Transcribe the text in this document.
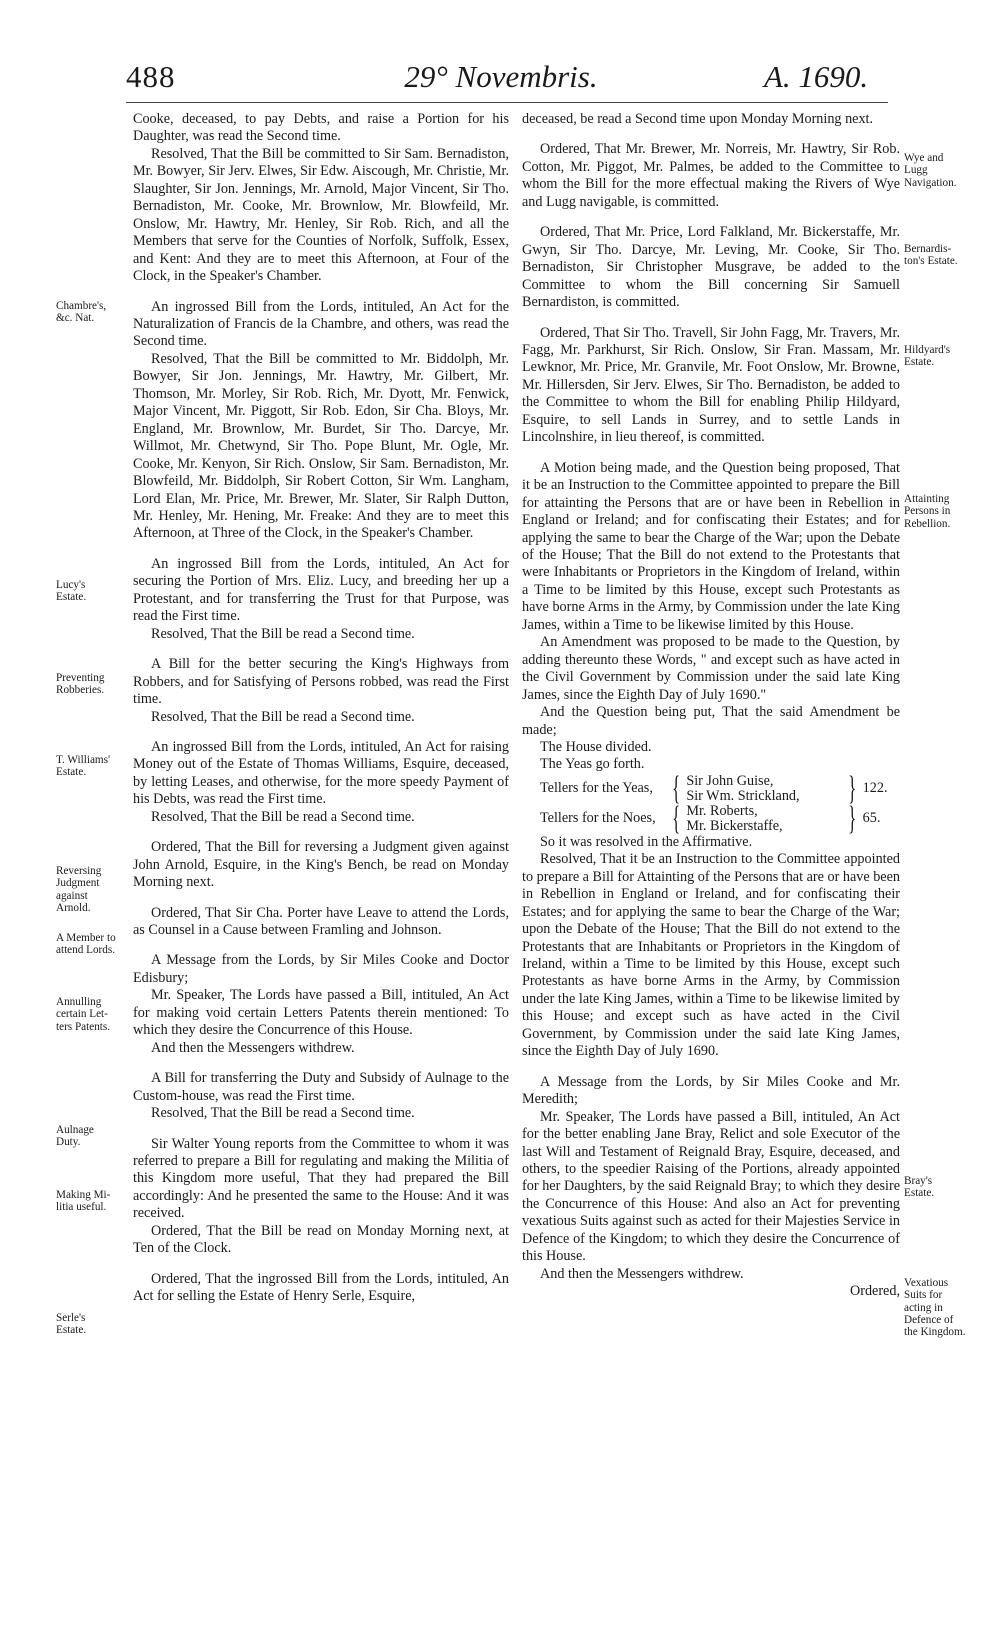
488	29° Novembris.	A. 1690.

Cooke, deceased, to pay Debts, and raise a Portion for his Daughter, was read the Second time.

Resolved, That the Bill be committed to Sir Sam. Bernadiston, Mr. Bowyer, Sir Jerv. Elwes, Sir Edw. Aiscough, Mr. Christie, Mr. Slaughter, Sir Jon. Jennings, Mr. Arnold, Major Vincent, Sir Tho. Bernadiston, Mr. Cooke, Mr. Brownlow, Mr. Blowfeild, Mr. Onslow, Mr. Hawtry, Mr. Henley, Sir Rob. Rich, and all the Members that serve for the Counties of Norfolk, Suffolk, Essex, and Kent: And they are to meet this Afternoon, at Four of the Clock, in the Speaker's Chamber.

An ingrossed Bill from the Lords, intituled, An Act for the Naturalization of Francis de la Chambre, and others, was read the Second time.

Resolved, That the Bill be committed to Mr. Biddolph, Mr. Bowyer, Sir Jon. Jennings, Mr. Hawtry, Mr. Gilbert, Mr. Thomson, Mr. Morley, Sir Rob. Rich, Mr. Dyott, Mr. Fenwick, Major Vincent, Mr. Piggott, Sir Rob. Edon, Sir Cha. Bloys, Mr. England, Mr. Brownlow, Mr. Burdet, Sir Tho. Darcye, Mr. Willmot, Mr. Chetwynd, Sir Tho. Pope Blunt, Mr. Ogle, Mr. Cooke, Mr. Kenyon, Sir Rich. Onslow, Sir Sam. Bernadiston, Mr. Blowfeild, Mr. Biddolph, Sir Robert Cotton, Sir Wm. Langham, Lord Elan, Mr. Price, Mr. Brewer, Mr. Slater, Sir Ralph Dutton, Mr. Henley, Mr. Hening, Mr. Freake: And they are to meet this Afternoon, at Three of the Clock, in the Speaker's Chamber.

An ingrossed Bill from the Lords, intituled, An Act for securing the Portion of Mrs. Eliz. Lucy, and breeding her up a Protestant, and for transferring the Trust for that Purpose, was read the First time.

Resolved, That the Bill be read a Second time.

A Bill for the better securing the King's Highways from Robbers, and for Satisfying of Persons robbed, was read the First time.

Resolved, That the Bill be read a Second time.

An ingrossed Bill from the Lords, intituled, An Act for raising Money out of the Estate of Thomas Williams, Esquire, deceased, by letting Leases, and otherwise, for the more speedy Payment of his Debts, was read the First time.

Resolved, That the Bill be read a Second time.

Ordered, That the Bill for reversing a Judgment given against John Arnold, Esquire, in the King's Bench, be read on Monday Morning next.

Ordered, That Sir Cha. Porter have Leave to attend the Lords, as Counsel in a Cause between Framling and Johnson.

A Message from the Lords, by Sir Miles Cooke and Doctor Edisbury;

Mr. Speaker, The Lords have passed a Bill, intituled, An Act for making void certain Letters Patents therein mentioned: To which they desire the Concurrence of this House.

And then the Messengers withdrew.

A Bill for transferring the Duty and Subsidy of Aulnage to the Custom-house, was read the First time.

Resolved, That the Bill be read a Second time.

Sir Walter Young reports from the Committee to whom it was referred to prepare a Bill for regulating and making the Militia of this Kingdom more useful, That they had prepared the Bill accordingly: And he presented the same to the House: And it was received.

Ordered, That the Bill be read on Monday Morning next, at Ten of the Clock.

Ordered, That the ingrossed Bill from the Lords, intituled, An Act for selling the Estate of Henry Serle, Esquire,

deceased, be read a Second time upon Monday Morning next.

Ordered, That Mr. Brewer, Mr. Norreis, Mr. Hawtry, Sir Rob. Cotton, Mr. Piggot, Mr. Palmes, be added to the Committee to whom the Bill for the more effectual making the Rivers of Wye and Lugg navigable, is committed.

Ordered, That Mr. Price, Lord Falkland, Mr. Bickerstaffe, Mr. Gwyn, Sir Tho. Darcye, Mr. Leving, Mr. Cooke, Sir Tho. Bernadiston, Sir Christopher Musgrave, be added to the Committee to whom the Bill concerning Sir Samuell Bernardiston, is committed.

Ordered, That Sir Tho. Travell, Sir John Fagg, Mr. Travers, Mr. Fagg, Mr. Parkhurst, Sir Rich. Onslow, Sir Fran. Massam, Mr. Lewknor, Mr. Price, Mr. Granvile, Mr. Foot Onslow, Mr. Browne, Mr. Hillersden, Sir Jerv. Elwes, Sir Tho. Bernadiston, be added to the Committee to whom the Bill for enabling Philip Hildyard, Esquire, to sell Lands in Surrey, and to settle Lands in Lincolnshire, in lieu thereof, is committed.

A Motion being made, and the Question being proposed, That it be an Instruction to the Committee appointed to prepare the Bill for attainting the Persons that are or have been in Rebellion in England or Ireland; and for confiscating their Estates; and for applying the same to bear the Charge of the War; upon the Debate of the House; That the Bill do not extend to the Protestants that were Inhabitants or Proprietors in the Kingdom of Ireland, within a Time to be limited by this House, except such Protestants as have borne Arms in the Army, by Commission under the late King James, within a Time to be likewise limited by this House.

An Amendment was proposed to be made to the Question, by adding thereunto these Words, " and except such as have acted in the Civil Government by Commission under the said late King James, since the Eighth Day of July 1690."

And the Question being put, That the said Amendment be made;

The House divided.

The Yeas go forth.

Tellers for the Yeas, { Sir John Guise,
Sir Wm. Strickland,	} 122.
Tellers for the Noes, { Mr. Roberts,
Mr. Bickerstaffe,	} 65.

So it was resolved in the Affirmative.

Resolved, That it be an Instruction to the Committee appointed to prepare a Bill for Attainting of the Persons that are or have been in Rebellion in England or Ireland, and for confiscating their Estates; and for applying the same to bear the Charge of the War; upon the Debate of the House; That the Bill do not extend to the Protestants that are Inhabitants or Proprietors in the Kingdom of Ireland, within a Time to be limited by this House, except such Protestants as have borne Arms in the Army, by Commission under the late King James, within a Time to be likewise limited by this House; and except such as have acted in the Civil Government, by Commission under the said late King James, since the Eighth Day of July 1690.

A Message from the Lords, by Sir Miles Cooke and Mr. Meredith;

Mr. Speaker, The Lords have passed a Bill, intituled, An Act for the better enabling Jane Bray, Relict and sole Executor of the last Will and Testament of Reignald Bray, Esquire, deceased, and others, to the speedier Raising of the Portions, already appointed for her Daughters, by the said Reignald Bray; to which they desire the Concurrence of this House: And also an Act for preventing vexatious Suits against such as acted for their Majesties Service in Defence of the Kingdom; to which they desire the Concurrence of this House.

And then the Messengers withdrew.

Ordered,

Chambre's,
&c. Nat.
Lucy's
Estate.
Preventing
Robberies.
T. Williams'
Estate.
Reversing
Judgment
against
Arnold.
A Member to
attend Lords.
Annulling
certain Let-
ters Patents.
Aulnage
Duty.
Making Mi-
litia useful.
Serle's
Estate.
Wye and
Lugg
Navigation.
Bernardis-
ton's Estate.
Hildyard's
Estate.
Attainting
Persons in
Rebellion.
Bray's
Estate.
Vexatious
Suits for
acting in
Defence of
the Kingdom.
